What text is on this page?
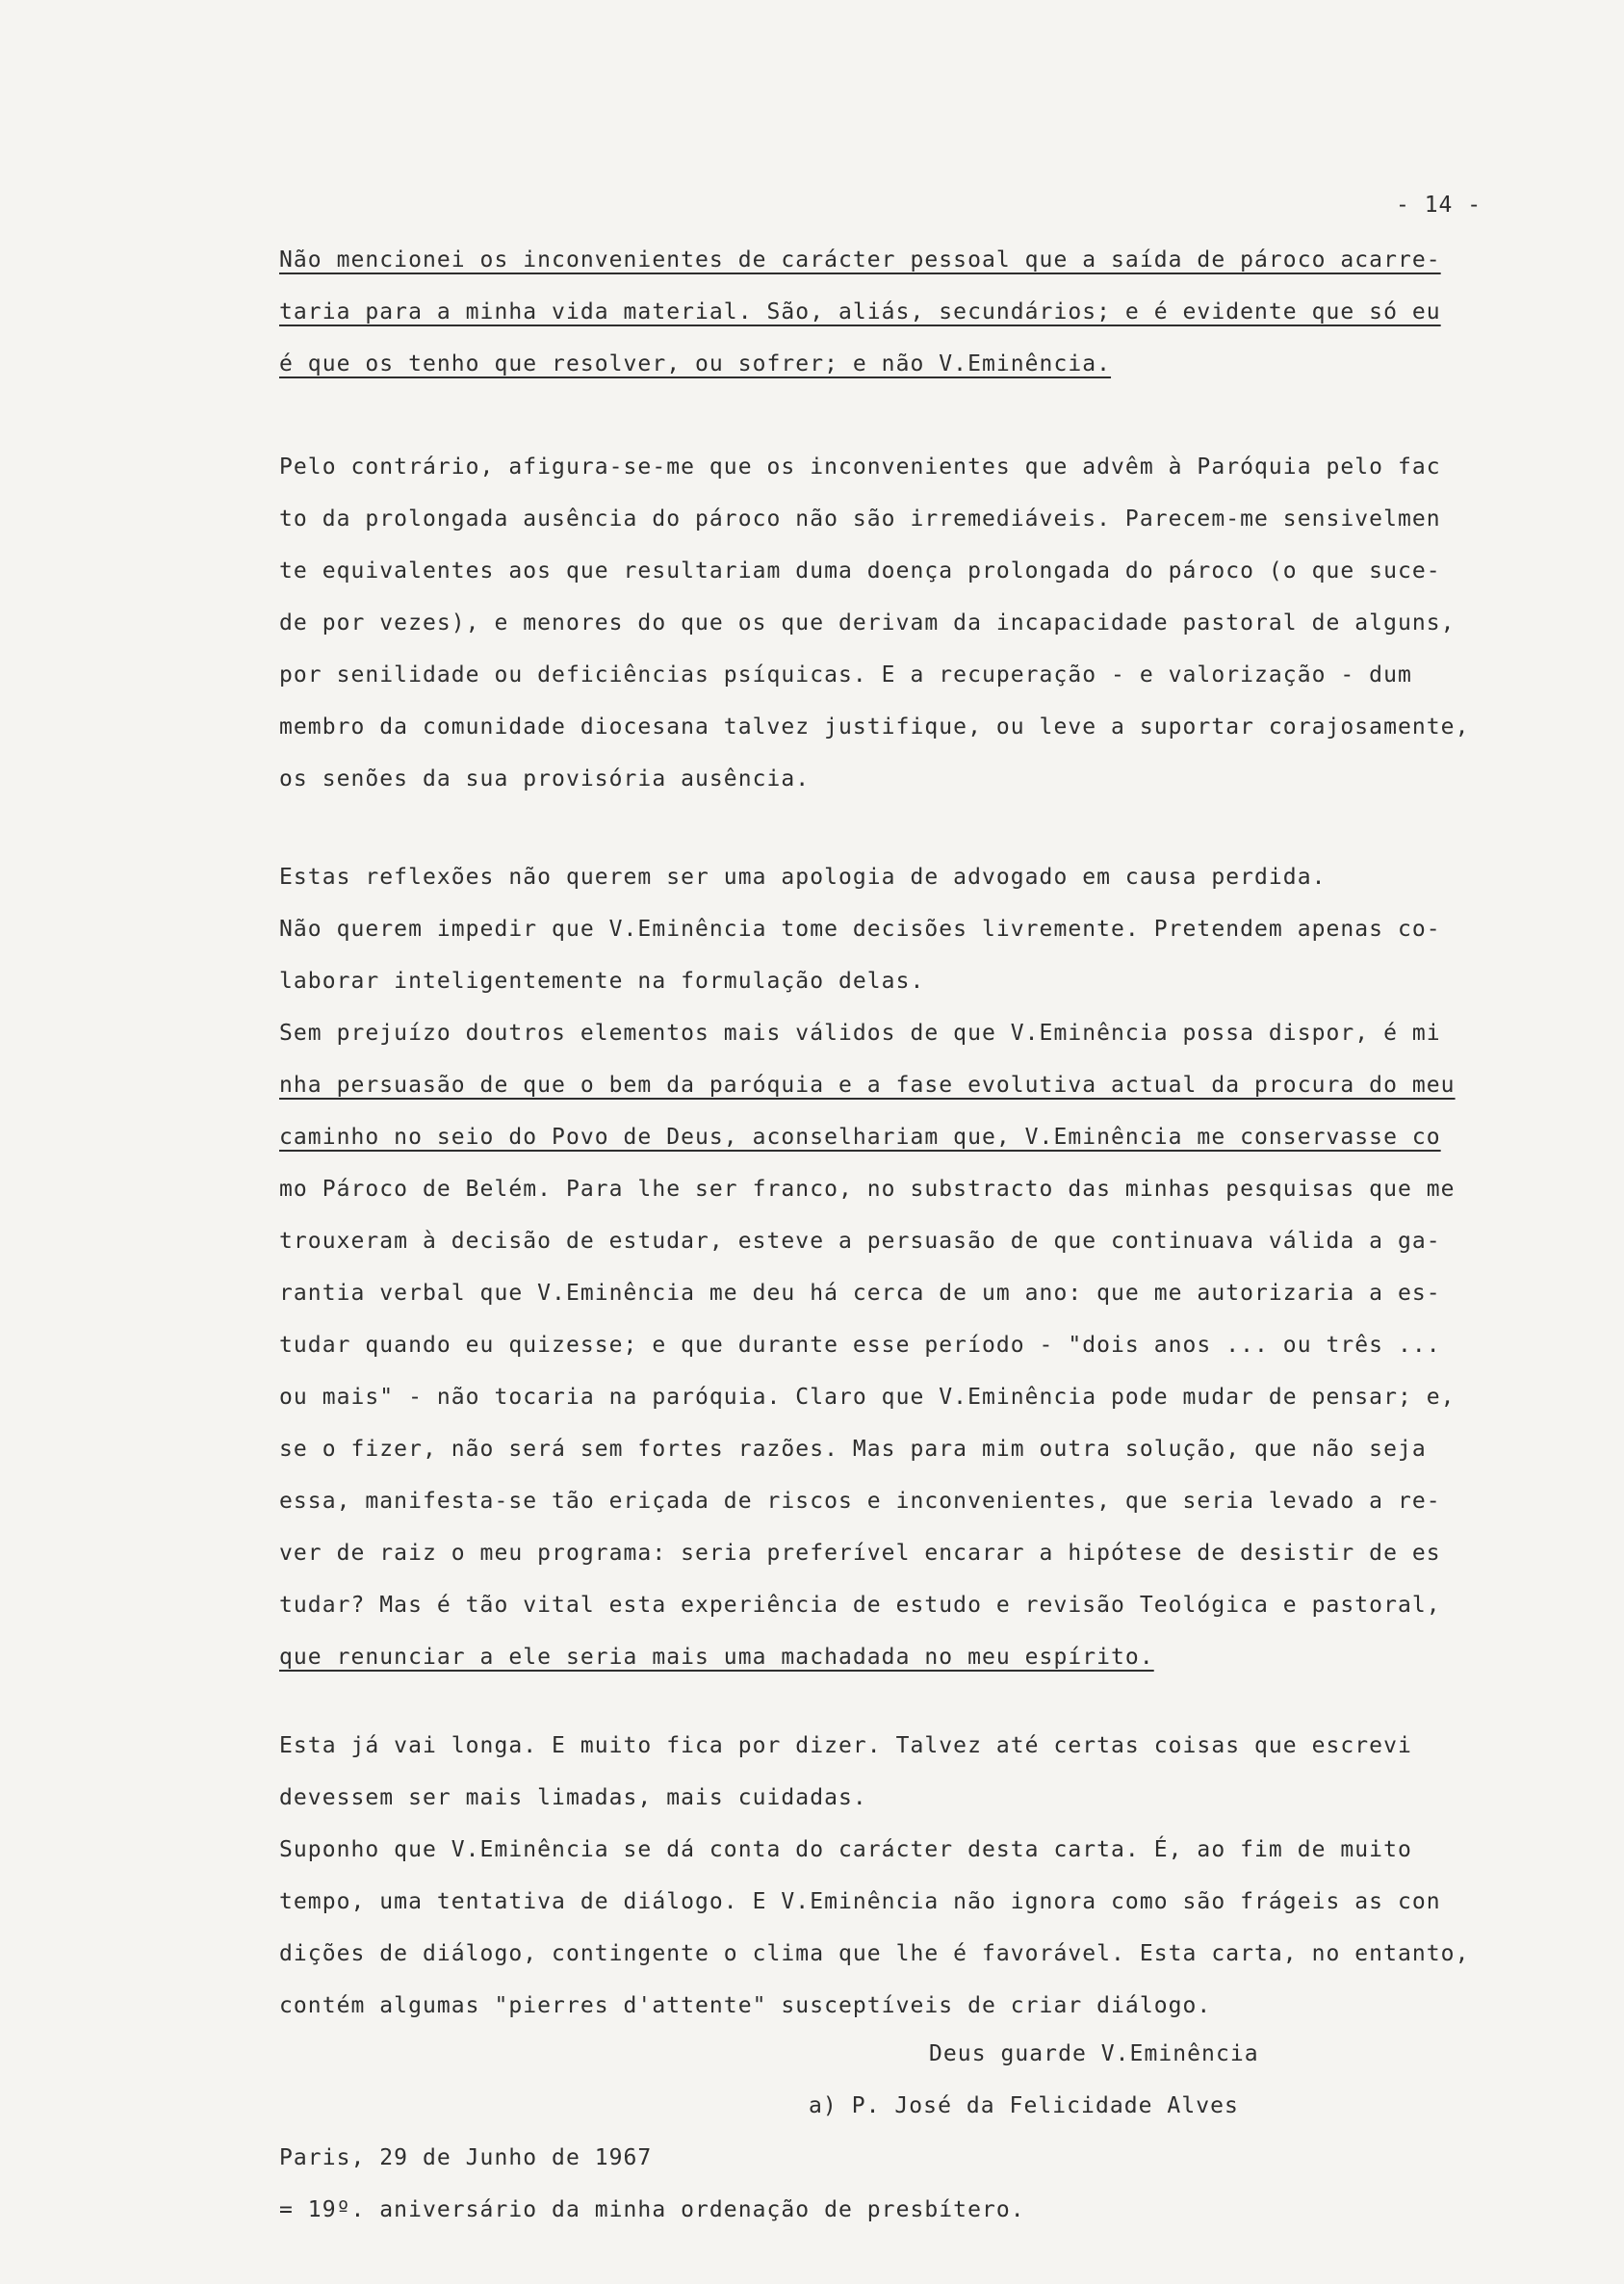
- 14 -
Não mencionei os inconvenientes de carácter pessoal que a saída de pároco acarre-
taria para a minha vida material. São, aliás, secundários; e é evidente que só eu
é que os tenho que resolver, ou sofrer; e não V.Eminência.
Pelo contrário, afigura-se-me que os inconvenientes que advêm à Paróquia pelo fac
to da prolongada ausência do pároco não são irremediáveis. Parecem-me sensivelmen
te equivalentes aos que resultariam duma doença prolongada do pároco (o que suce-
de por vezes), e menores do que os que derivam da incapacidade pastoral de alguns,
por senilidade ou deficiências psíquicas. E a recuperação - e valorização - dum
membro da comunidade diocesana talvez justifique, ou leve a suportar corajosamente,
os senões da sua provisória ausência.
Estas reflexões não querem ser uma apologia de advogado em causa perdida.
Não querem impedir que V.Eminência tome decisões livremente. Pretendem apenas co-
laborar inteligentemente na formulação delas.
Sem prejuízo doutros elementos mais válidos de que V.Eminência possa dispor, é mi
nha persuasão de que o bem da paróquia e a fase evolutiva actual da procura do meu
caminho no seio do Povo de Deus, aconselhariam que, V.Eminência me conservasse co
mo Pároco de Belém. Para lhe ser franco, no substracto das minhas pesquisas que me
trouxeram à decisão de estudar, esteve a persuasão de que continuava válida a ga-
rantia verbal que V.Eminência me deu há cerca de um ano: que me autorizaria a es-
tudar quando eu quizesse; e que durante esse período - "dois anos ... ou três ...
ou mais" - não tocaria na paróquia. Claro que V.Eminência pode mudar de pensar; e,
se o fizer, não será sem fortes razões. Mas para mim outra solução, que não seja
essa, manifesta-se tão eriçada de riscos e inconvenientes, que seria levado a re-
ver de raiz o meu programa: seria preferível encarar a hipótese de desistir de es
tudar? Mas é tão vital esta experiência de estudo e revisão Teológica e pastoral,
que renunciar a ele seria mais uma machadada no meu espírito.
Esta já vai longa. E muito fica por dizer. Talvez até certas coisas que escrevi
devessem ser mais limadas, mais cuidadas.
Suponho que V.Eminência se dá conta do carácter desta carta. É, ao fim de muito
tempo, uma tentativa de diálogo. E V.Eminência não ignora como são frágeis as con
dições de diálogo, contingente o clima que lhe é favorável. Esta carta, no entanto,
contém algumas "pierres d'attente" susceptíveis de criar diálogo.
Deus guarde V.Eminência
a) P. José da Felicidade Alves
Paris, 29 de Junho de 1967
= 19º. aniversário da minha ordenação de presbítero.
